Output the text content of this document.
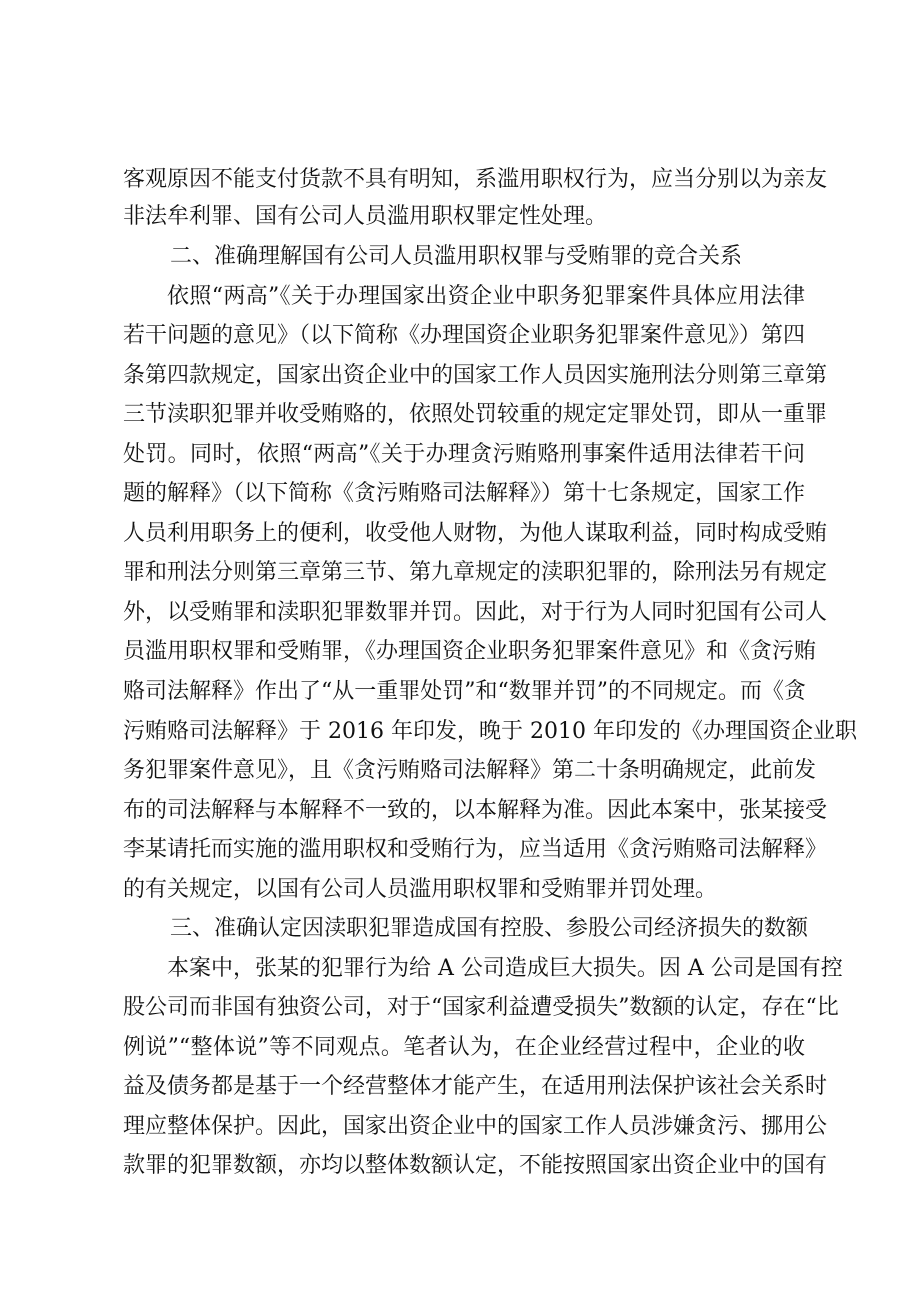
客观原因不能支付货款不具有明知，系滥用职权行为，应当分别以为亲友
非法牟利罪、国有公司人员滥用职权罪定性处理。
二、准确理解国有公司人员滥用职权罪与受贿罪的竞合关系
依照“两高”《关于办理国家出资企业中职务犯罪案件具体应用法律
若干问题的意见》（以下简称《办理国资企业职务犯罪案件意见》）第四
条第四款规定，国家出资企业中的国家工作人员因实施刑法分则第三章第
三节渎职犯罪并收受贿赂的，依照处罚较重的规定定罪处罚，即从一重罪
处罚。同时，依照“两高”《关于办理贪污贿赂刑事案件适用法律若干问
题的解释》（以下简称《贪污贿赂司法解释》）第十七条规定，国家工作
人员利用职务上的便利，收受他人财物，为他人谋取利益，同时构成受贿
罪和刑法分则第三章第三节、第九章规定的渎职犯罪的，除刑法另有规定
外，以受贿罪和渎职犯罪数罪并罚。因此，对于行为人同时犯国有公司人
员滥用职权罪和受贿罪，《办理国资企业职务犯罪案件意见》和《贪污贿
赂司法解释》作出了“从一重罪处罚”和“数罪并罚”的不同规定。而《贪
污贿赂司法解释》于 2016 年印发，晚于 2010 年印发的《办理国资企业职
务犯罪案件意见》，且《贪污贿赂司法解释》第二十条明确规定，此前发
布的司法解释与本解释不一致的，以本解释为准。因此本案中，张某接受
李某请托而实施的滥用职权和受贿行为，应当适用《贪污贿赂司法解释》
的有关规定，以国有公司人员滥用职权罪和受贿罪并罚处理。
三、准确认定因渎职犯罪造成国有控股、参股公司经济损失的数额
本案中，张某的犯罪行为给 A 公司造成巨大损失。因 A 公司是国有控
股公司而非国有独资公司，对于“国家利益遭受损失”数额的认定，存在“比
例说”“整体说”等不同观点。笔者认为，在企业经营过程中，企业的收
益及债务都是基于一个经营整体才能产生，在适用刑法保护该社会关系时
理应整体保护。因此，国家出资企业中的国家工作人员涉嫌贪污、挪用公
款罪的犯罪数额，亦均以整体数额认定，不能按照国家出资企业中的国有
